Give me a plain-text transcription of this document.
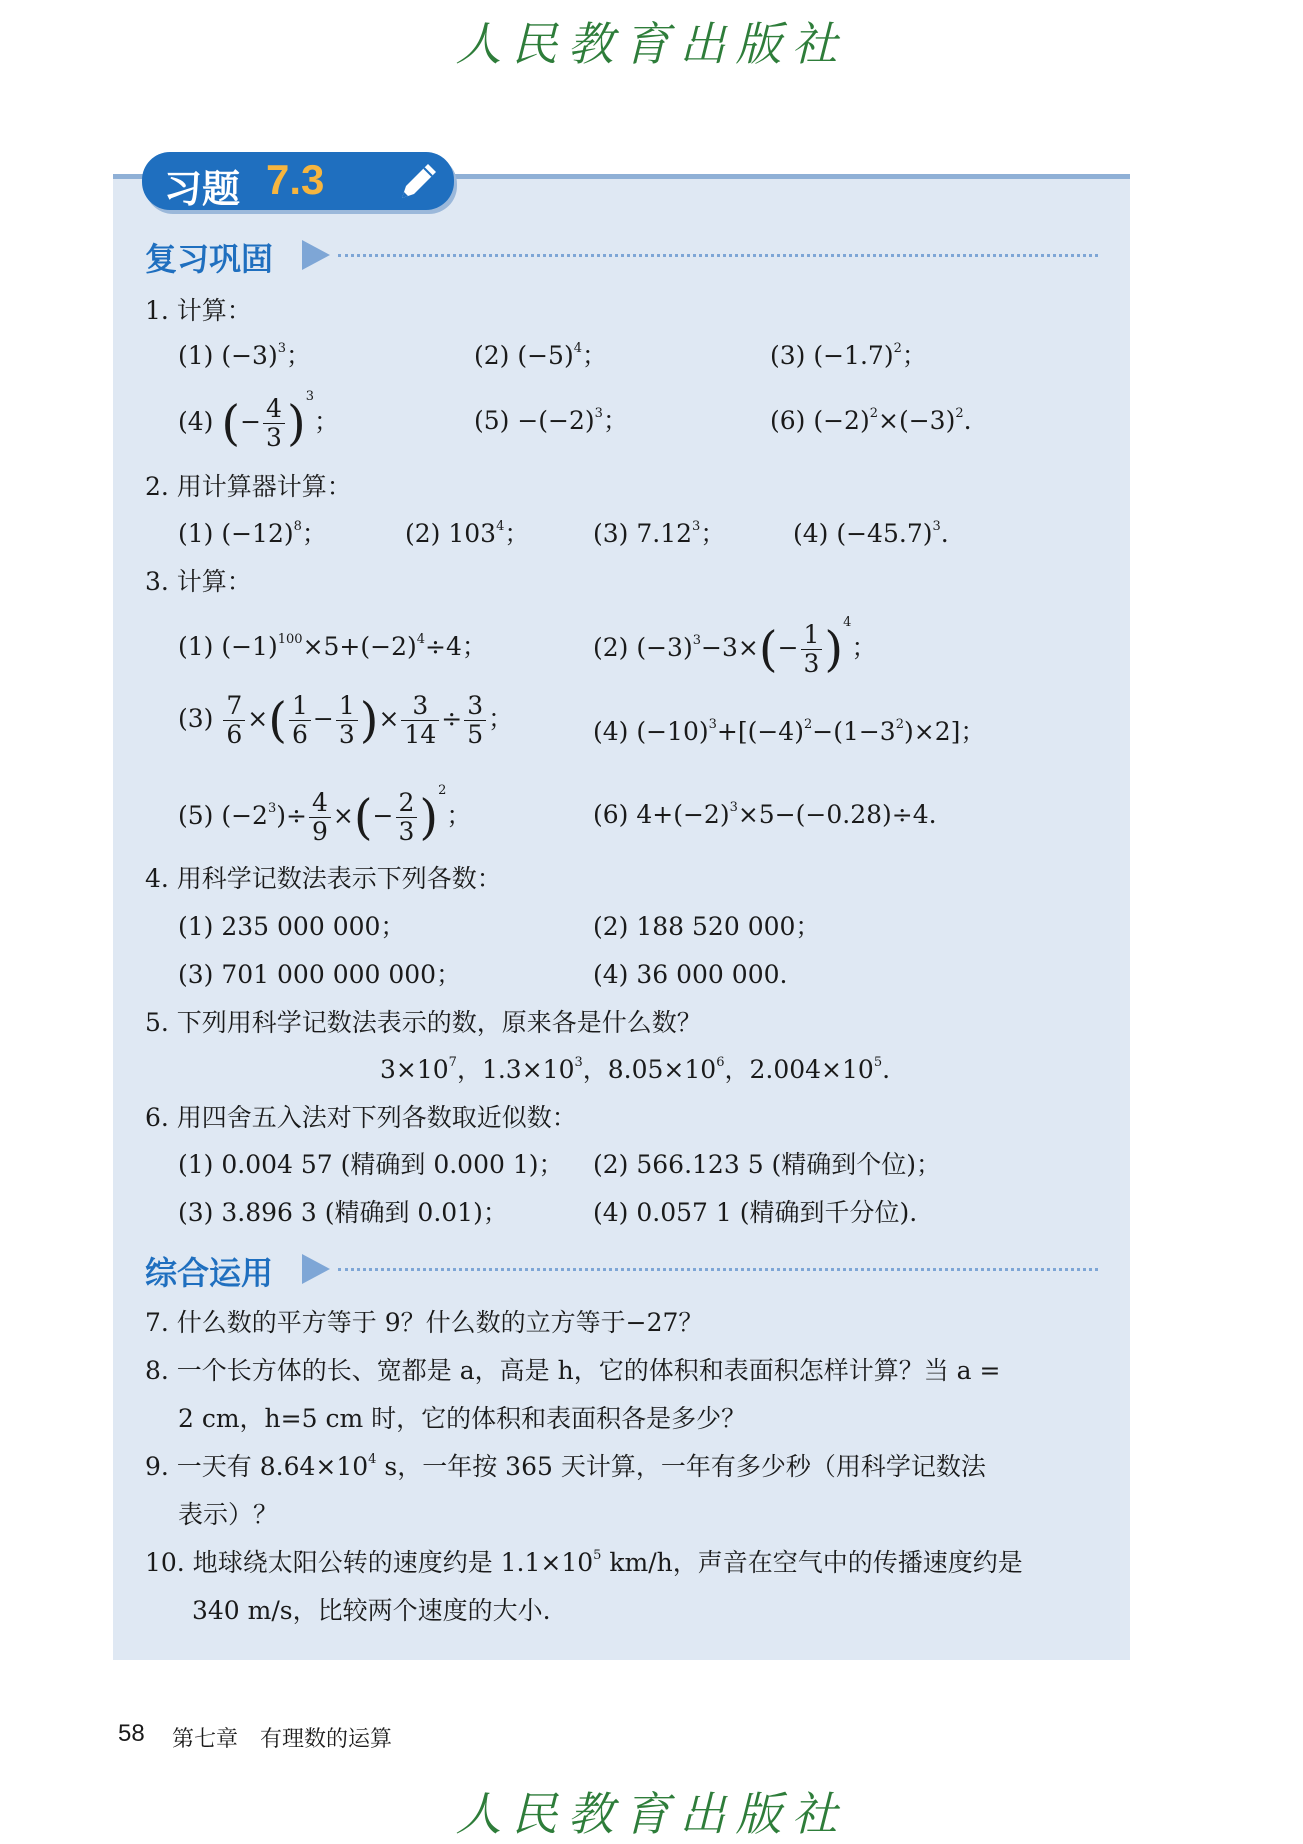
人民教育出版社
习题 7.3
复习巩固
1. 计算：
(1) $(-3)^3$；	(2) $(-5)^4$；	(3) $(-1.7)^2$；
(4) (− $\frac{4}{3} )3$；	$(5) -(-2)^3$；	(6) $(-2)^2\times(-3)^2$.
2. 用计算器计算：
(1) $(-12)^8$；	(2) $103^4$；	(3) 7.12$^3$；	(4) $(-45.7)^3$.
3. 计算：
(1) $(-1)^{100}\times 5+(-2)^4\div 4$；	(2) $(-3)^3-3\times(- \frac{1}{3} )4$；
$(3) \frac{7}{6}$ ×( $\frac{1}{6} - \frac{1}{3}$ )× $\frac{3}{14} \div \frac{3}{5}$ ；	(4) $(-10)^3+[(-4)^2-(1-3^2)\times 2]$；
(5) $(-2^3)\div \frac{4}{9}$ ×(− $\frac{2}{3} )2$；	(6) $4+(-2)^3\times 5-(-0.28)\div 4$.
4. 用科学记数法表示下列各数：
(1) 235 000 000；	(2) 188 520 000；
(3) 701 000 000 000；	(4) 36 000 000.
5. 下列用科学记数法表示的数，原来各是什么数？
$3\times 10^7$，$1.3\times 10^3$，$8.05\times 10^6$，$2.004\times 10^5$.
6. 用四舍五入法对下列各数取近似数：
(1) 0.004 57 (精确到 0.000 1)； (2) 566.123 5 (精确到个位)；
(3) 3.896 3 (精确到 0.01)；	(4) 0.057 1 (精确到千分位).
综合运用
7. 什么数的平方等于 9？什么数的立方等于−27？
8. 一个长方体的长、宽都是 a，高是 h，它的体积和表面积怎样计算？当 a =
2 cm，h=5 cm 时，它的体积和表面积各是多少？
9. 一天有 $8.64\times 10^4$ s，一年按 365 天计算，一年有多少秒（用科学记数法
表示）？
10. 地球绕太阳公转的速度约是 $1.1\times 10^5$ km/h，声音在空气中的传播速度约是
340 m/s，比较两个速度的大小.
58 第七章　有理数的运算
人民教育出版社
